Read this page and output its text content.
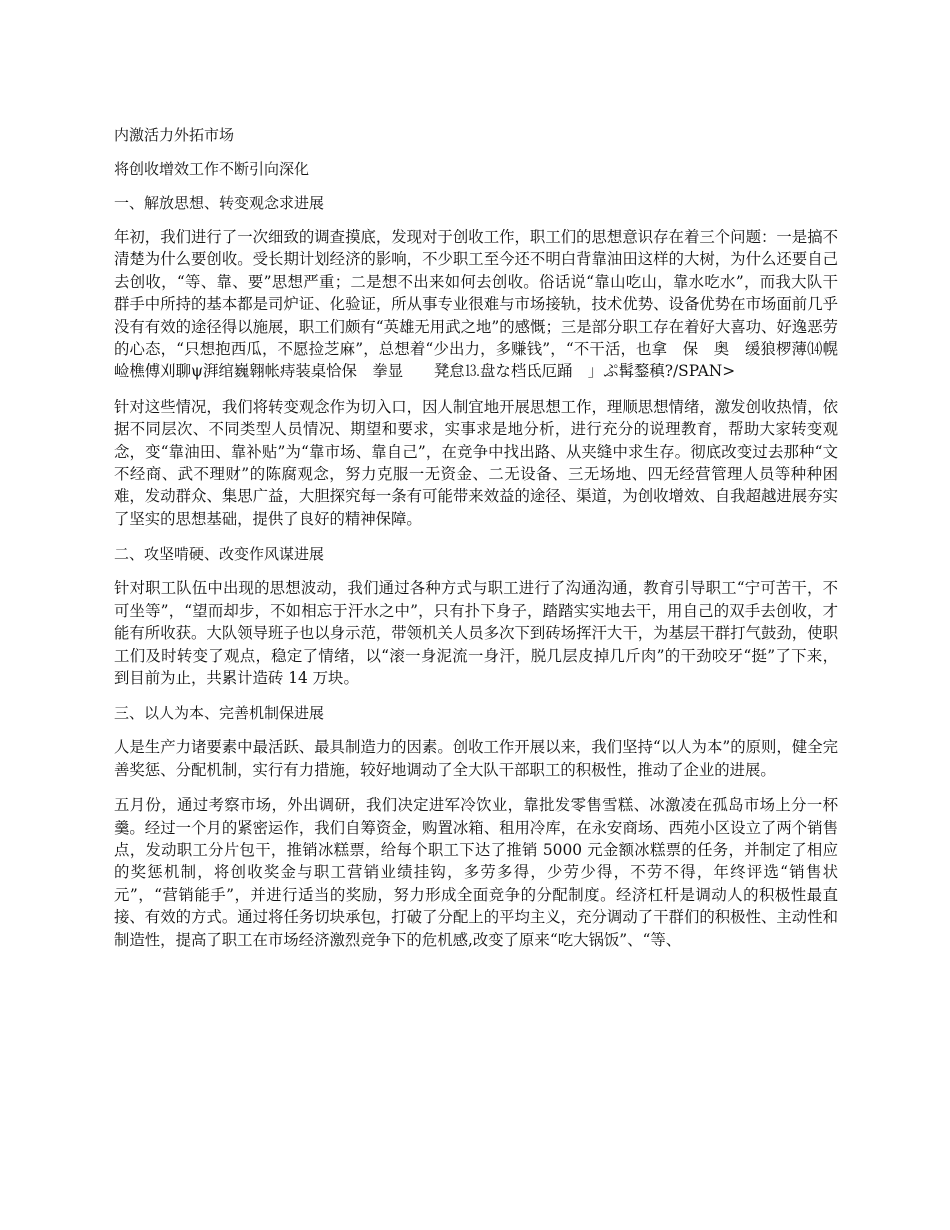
内激活力外拓市场
将创收增效工作不断引向深化
一、解放思想、转变观念求进展

年初，我们进行了一次细致的调查摸底，发现对于创收工作，职工们的思想意识存在着三个问题：一是搞不清楚为什么要创收。受长期计划经济的影响，不少职工至今还不明白背靠油田这样的大树，为什么还要自己去创收，“等、靠、要”思想严重；二是想不出来如何去创收。俗话说“靠山吃山，靠水吃水”，而我大队干群手中所持的基本都是司炉证、化验证，所从事专业很难与市场接轨，技术优势、设备优势在市场面前几乎没有有效的途径得以施展，职工们颇有“英雄无用武之地”的感慨；三是部分职工存在着好大喜功、好逸恶劳的心态，“只想抱西瓜，不愿捡芝麻”，总想着“少出力，多赚钱”，“不干活，也拿　保　奥　缓狼椤薄⒁幌崄樵傅刈聊ψ湃绾巍翱帐痔装桌恰保　拳显　　凳怠⒔盘な档氐厄踊　」ぷ髯鍪稹?/SPAN>

针对这些情况，我们将转变观念作为切入口，因人制宜地开展思想工作，理顺思想情绪，激发创收热情，依据不同层次、不同类型人员情况、期望和要求，实事求是地分析，进行充分的说理教育，帮助大家转变观念，变“靠油田、靠补贴”为“靠市场、靠自己”，在竞争中找出路、从夹缝中求生存。彻底改变过去那种“文不经商、武不理财”的陈腐观念，努力克服一无资金、二无设备、三无场地、四无经营管理人员等种种困难，发动群众、集思广益，大胆探究每一条有可能带来效益的途径、渠道，为创收增效、自我超越进展夯实了坚实的思想基础，提供了良好的精神保障。

二、攻坚啃硬、改变作风谋进展

针对职工队伍中出现的思想波动，我们通过各种方式与职工进行了沟通沟通，教育引导职工“宁可苦干，不可坐等”，“望而却步，不如相忘于汗水之中”，只有扑下身子，踏踏实实地去干，用自己的双手去创收，才能有所收获。大队领导班子也以身示范，带领机关人员多次下到砖场挥汗大干，为基层干群打气鼓劲，使职工们及时转变了观点，稳定了情绪，以“滚一身泥流一身汗，脱几层皮掉几斤肉”的干劲咬牙“挺”了下来，到目前为止，共累计造砖 14 万块。

三、以人为本、完善机制保进展

人是生产力诸要素中最活跃、最具制造力的因素。创收工作开展以来，我们坚持“以人为本”的原则，健全完善奖惩、分配机制，实行有力措施，较好地调动了全大队干部职工的积极性，推动了企业的进展。

五月份，通过考察市场，外出调研，我们决定进军冷饮业，靠批发零售雪糕、冰激凌在孤岛市场上分一杯羹。经过一个月的紧密运作，我们自筹资金，购置冰箱、租用冷库，在永安商场、西苑小区设立了两个销售点，发动职工分片包干，推销冰糕票，给每个职工下达了推销 5000 元金额冰糕票的任务，并制定了相应的奖惩机制，将创收奖金与职工营销业绩挂钩，多劳多得，少劳少得，不劳不得，年终评选“销售状元”，“营销能手”，并进行适当的奖励，努力形成全面竞争的分配制度。经济杠杆是调动人的积极性最直接、有效的方式。通过将任务切块承包，打破了分配上的平均主义，充分调动了干群们的积极性、主动性和制造性，提高了职工在市场经济激烈竞争下的危机感,改变了原来“吃大锅饭”、“等、
